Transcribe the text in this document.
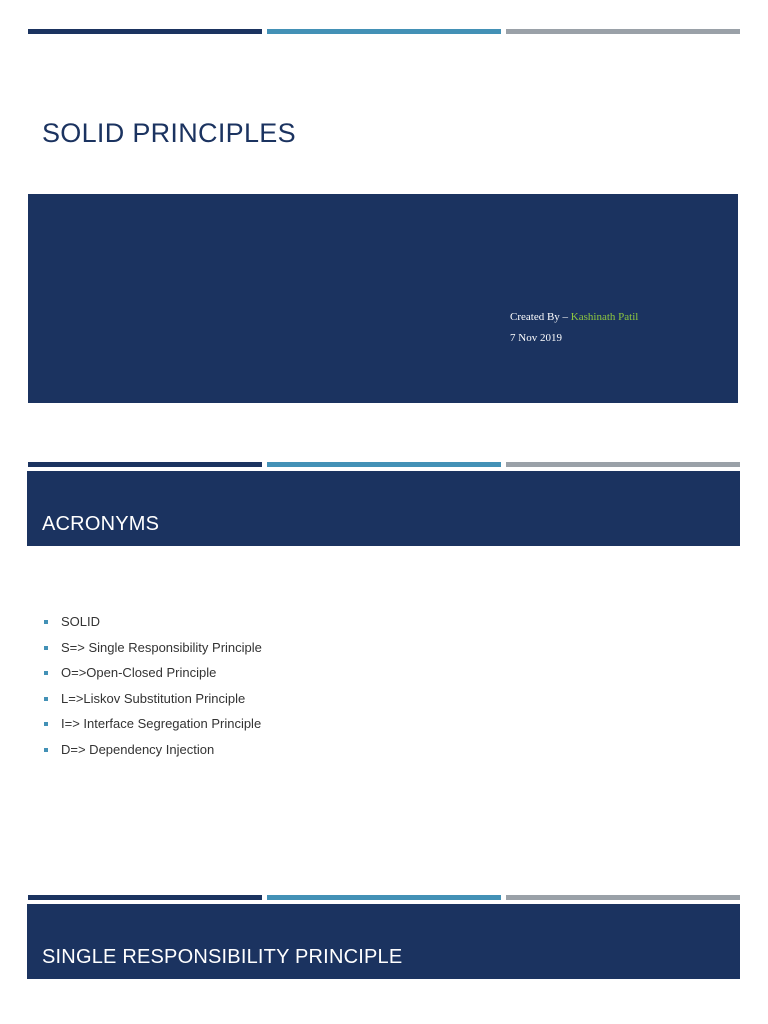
SOLID PRINCIPLES
Created By – Kashinath Patil
7 Nov 2019
ACRONYMS
SOLID
S=> Single Responsibility Principle
O=>Open-Closed Principle
L=>Liskov Substitution Principle
I=> Interface Segregation Principle
D=> Dependency Injection
SINGLE RESPONSIBILITY PRINCIPLE
